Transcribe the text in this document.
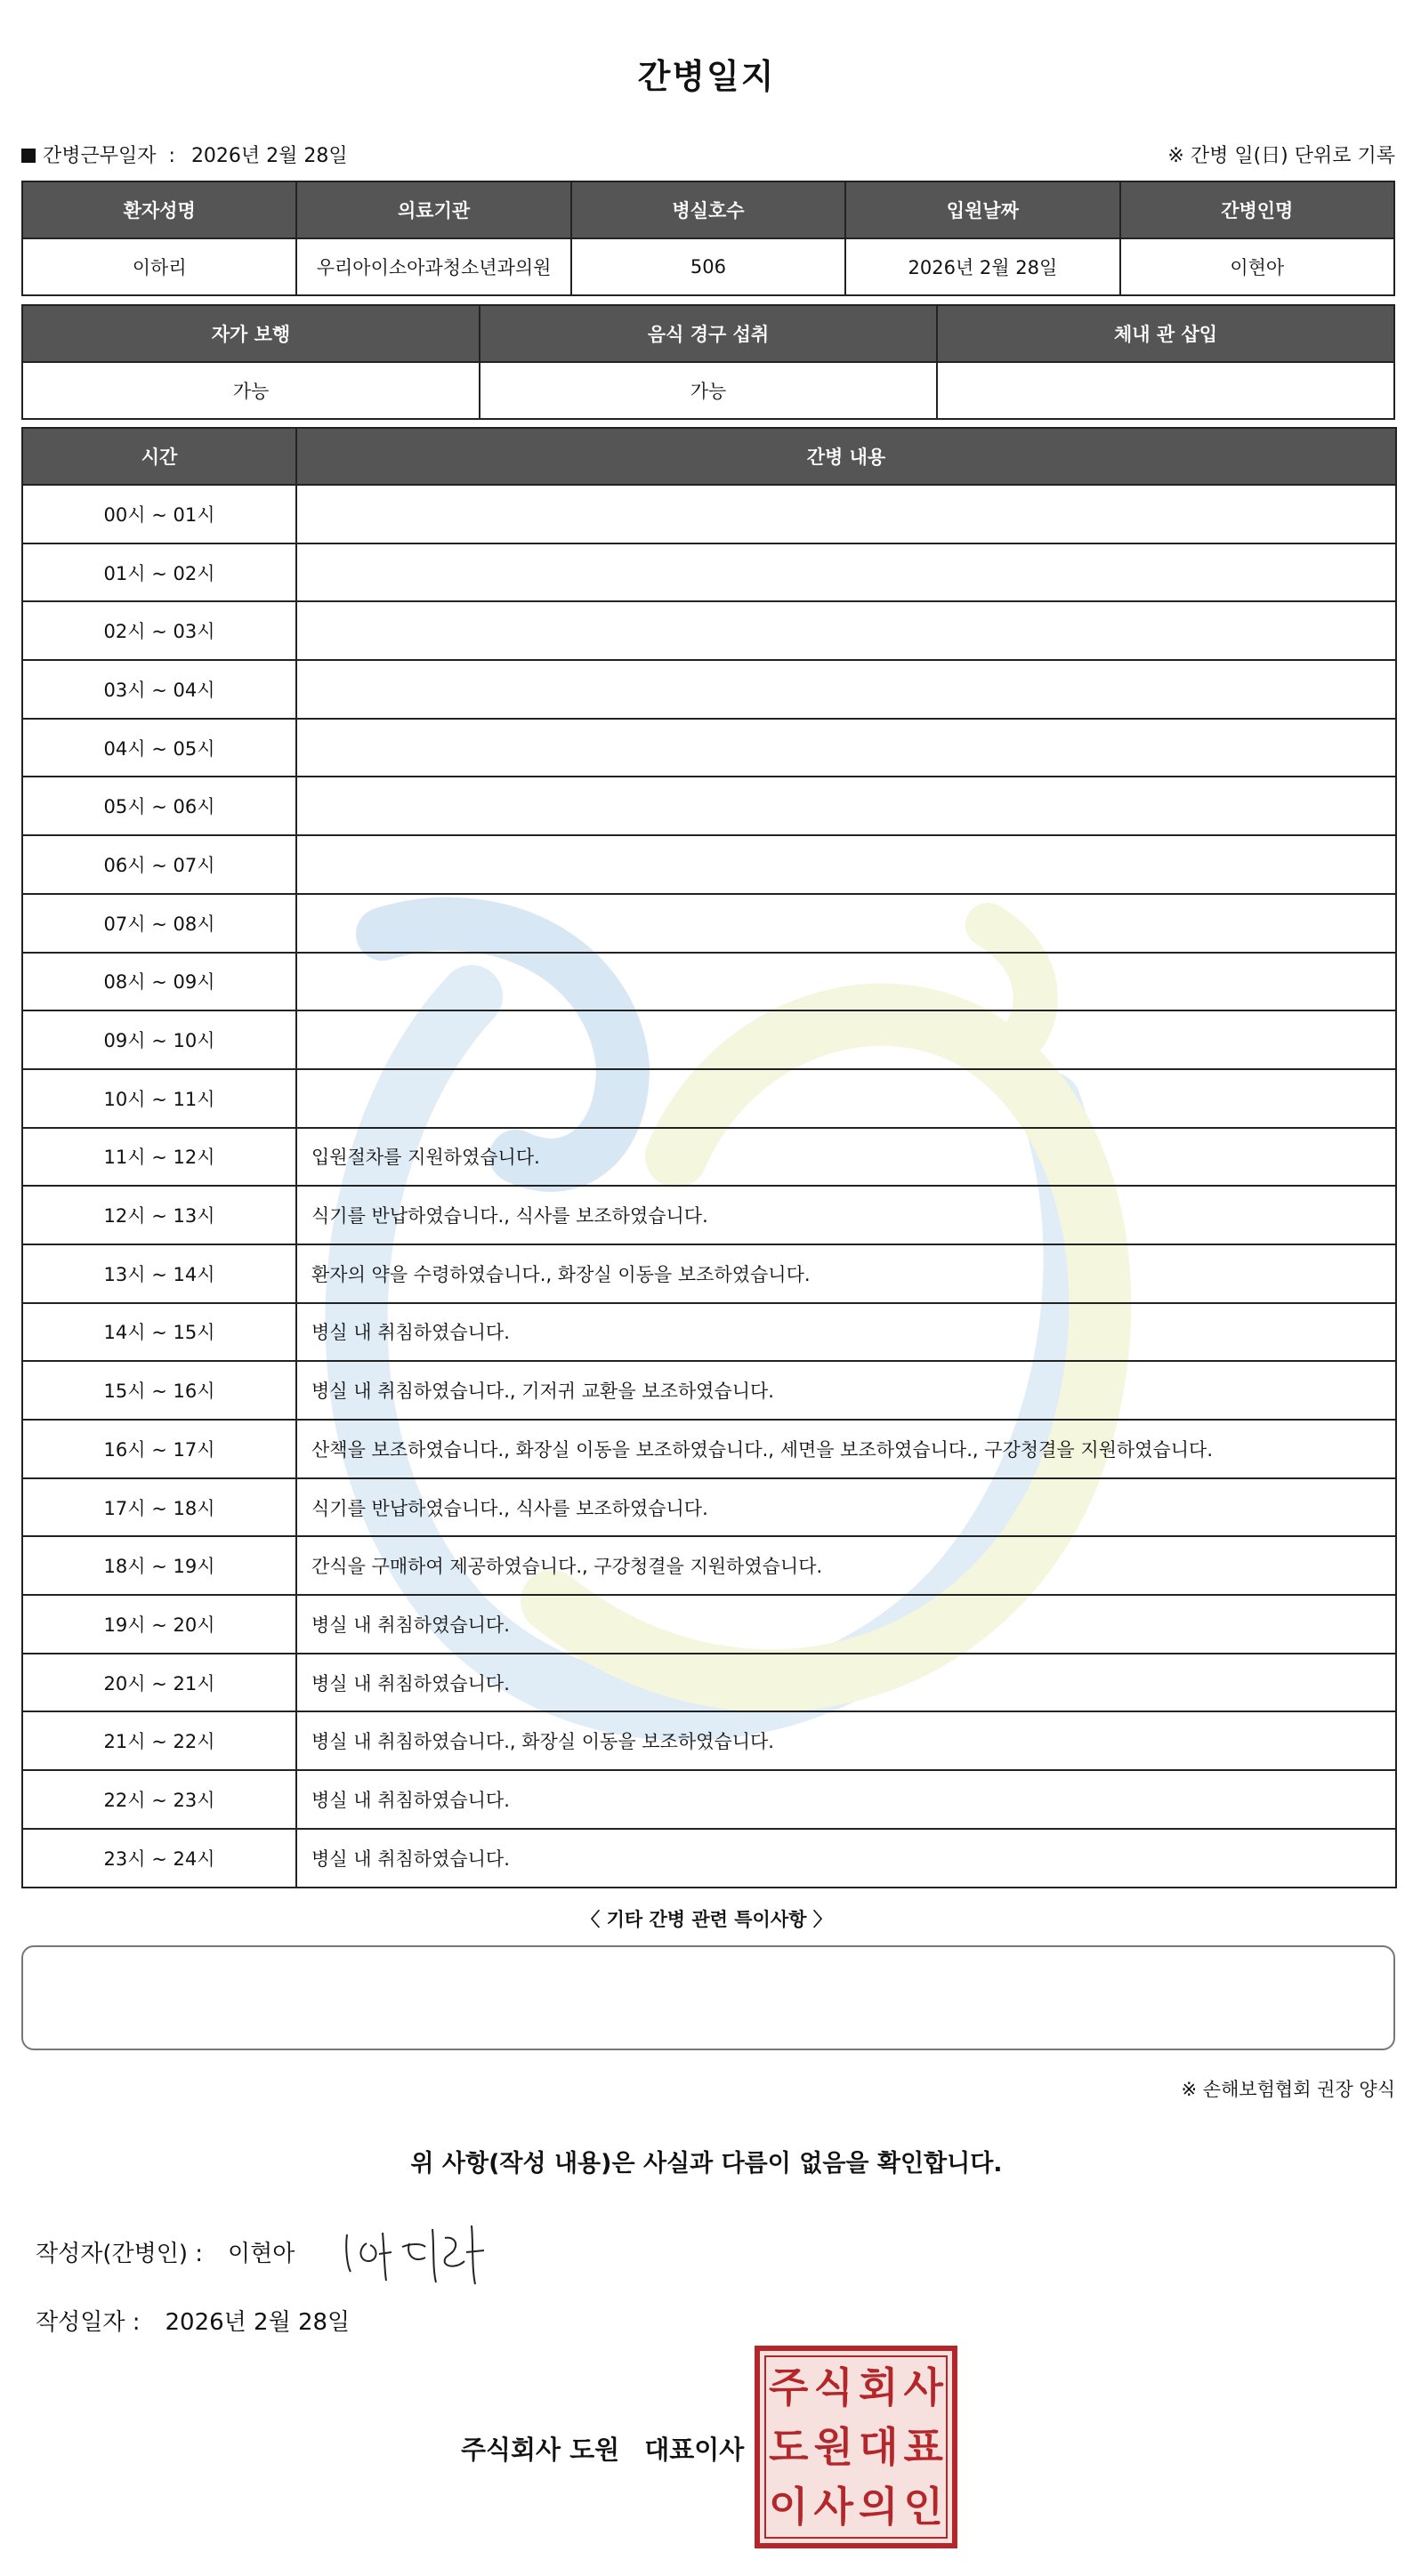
간병일지
간병근무일자 : 2026년 2월 28일	※ 간병 일(日) 단위로 기록
환자성명	의료기관	병실호수	입원날짜	간병인명
이하리	우리아이소아과청소년과의원	506	2026년 2월 28일	이현아
자가 보행	음식 경구 섭취	체내 관 삽입
가능	가능	
시간	간병 내용
00시 ~ 01시	
01시 ~ 02시	
02시 ~ 03시	
03시 ~ 04시	
04시 ~ 05시	
05시 ~ 06시	
06시 ~ 07시	
07시 ~ 08시	
08시 ~ 09시	
09시 ~ 10시	
10시 ~ 11시	
11시 ~ 12시	입원절차를 지원하였습니다.
12시 ~ 13시	식기를 반납하였습니다., 식사를 보조하였습니다.
13시 ~ 14시	환자의 약을 수령하였습니다., 화장실 이동을 보조하였습니다.
14시 ~ 15시	병실 내 취침하였습니다.
15시 ~ 16시	병실 내 취침하였습니다., 기저귀 교환을 보조하였습니다.
16시 ~ 17시	산책을 보조하였습니다., 화장실 이동을 보조하였습니다., 세면을 보조하였습니다., 구강청결을 지원하였습니다.
17시 ~ 18시	식기를 반납하였습니다., 식사를 보조하였습니다.
18시 ~ 19시	간식을 구매하여 제공하였습니다., 구강청결을 지원하였습니다.
19시 ~ 20시	병실 내 취침하였습니다.
20시 ~ 21시	병실 내 취침하였습니다.
21시 ~ 22시	병실 내 취침하였습니다., 화장실 이동을 보조하였습니다.
22시 ~ 23시	병실 내 취침하였습니다.
23시 ~ 24시	병실 내 취침하였습니다.
〈 기타 간병 관련 특이사항 〉
※ 손해보험협회 권장 양식
위 사항(작성 내용)은 사실과 다름이 없음을 확인합니다.
작성자(간병인) : 이현아
작성일자 : 2026년 2월 28일
주식회사 도원 대표이사
주 식 회 사
도 원 대 표
이 사 의 인
